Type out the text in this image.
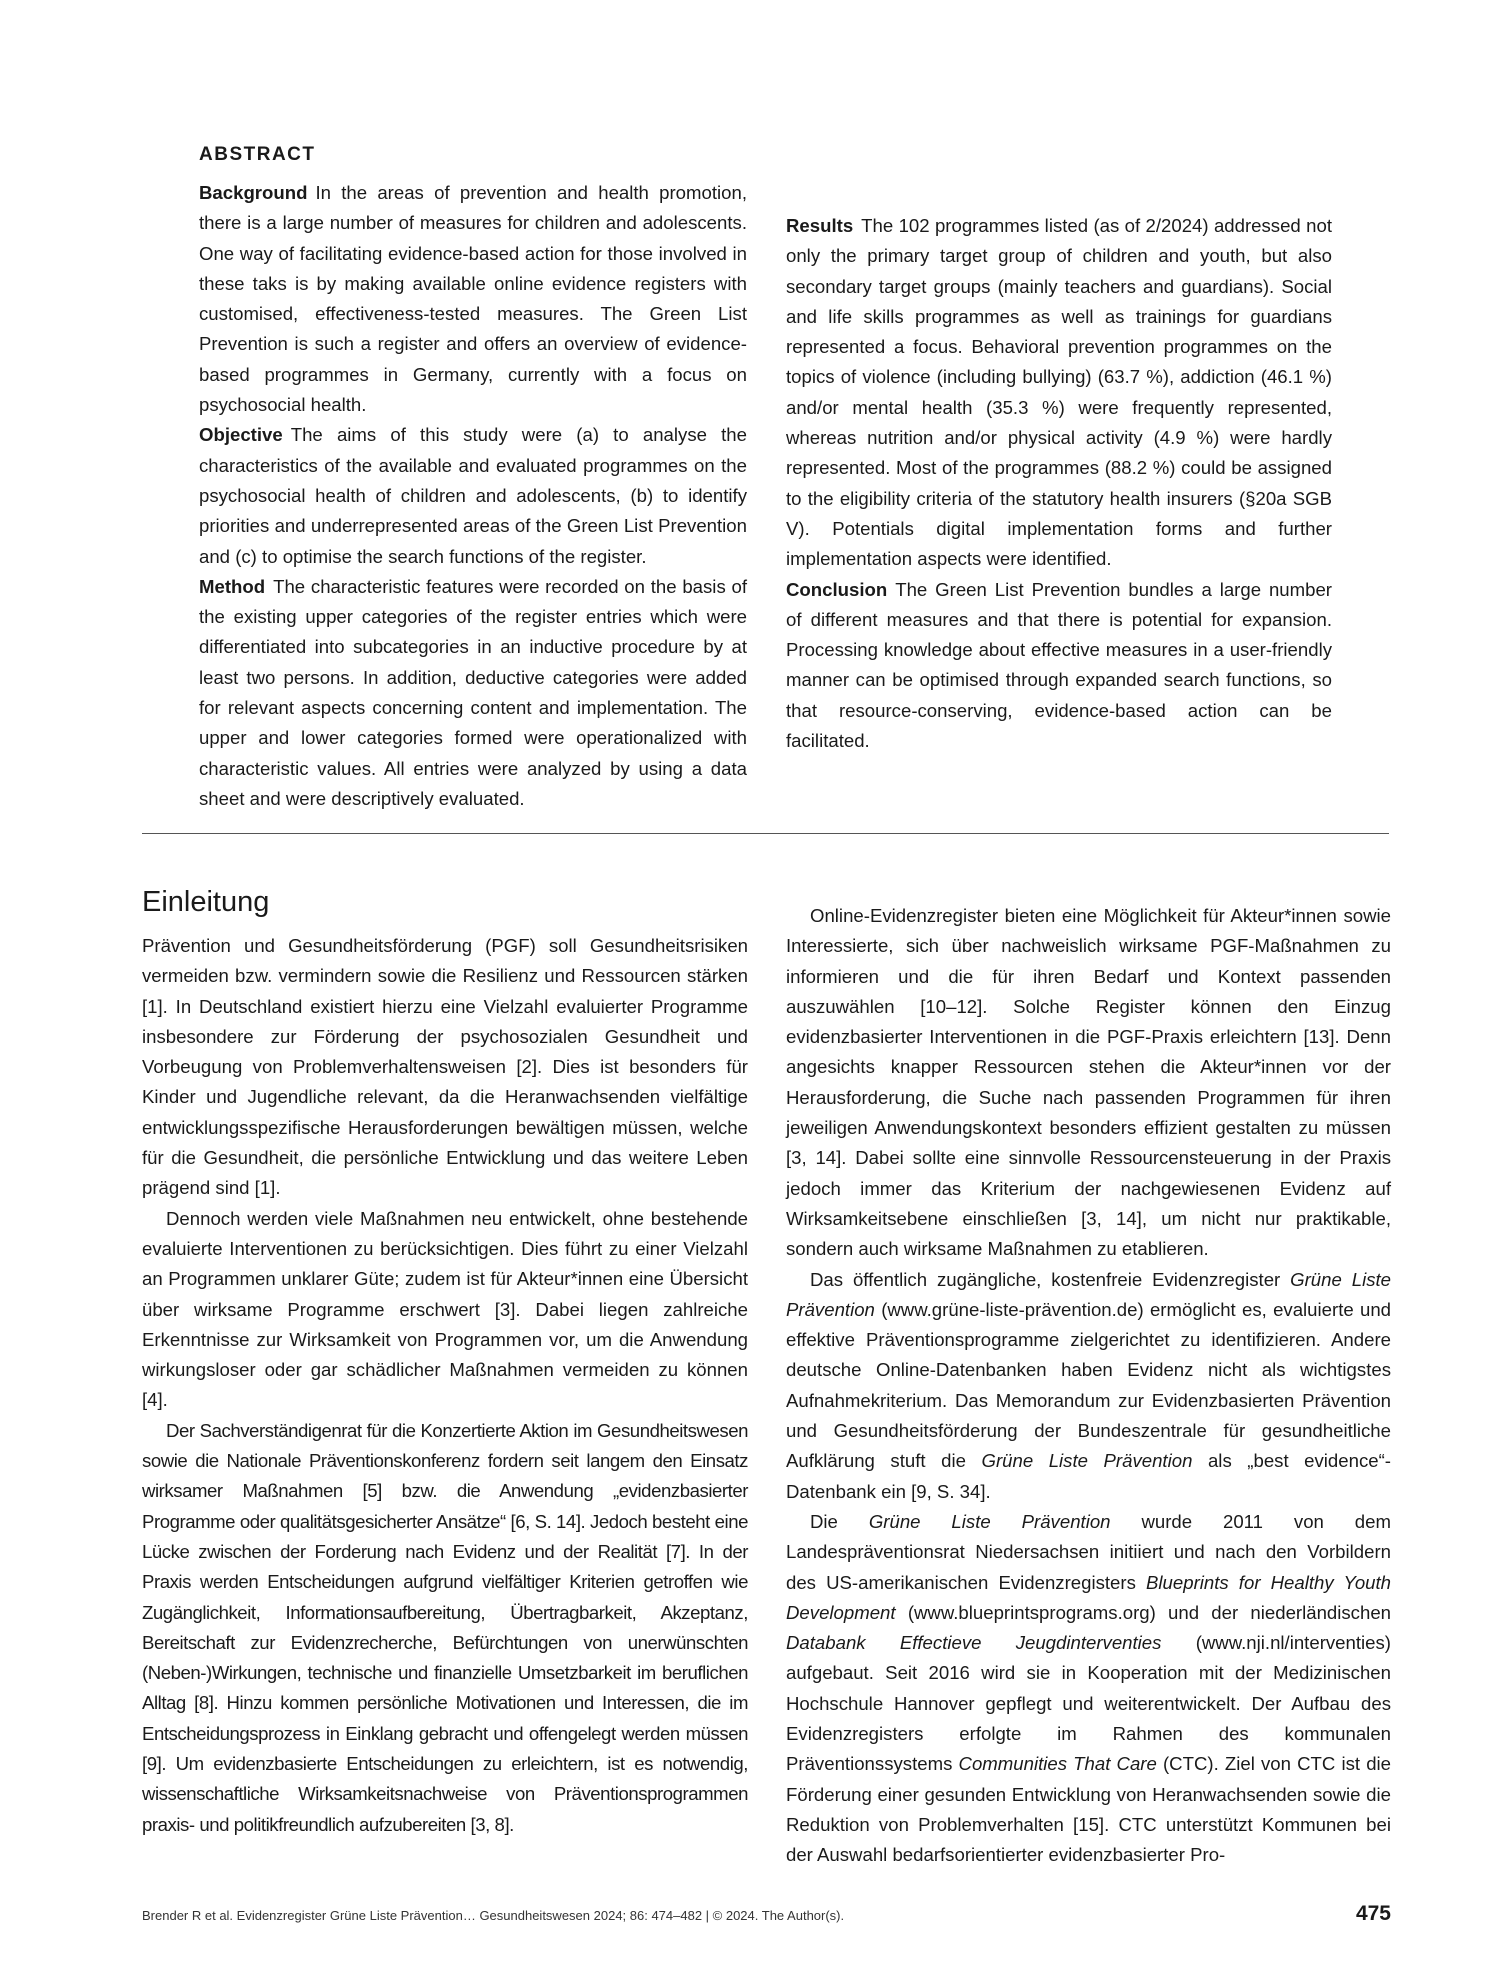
ABSTRACT

Background In the areas of prevention and health promotion, there is a large number of measures for children and adolescents. One way of facilitating evidence-based action for those involved in these taks is by making available online evidence registers with customised, effectiveness-tested measures. The Green List Prevention is such a register and offers an overview of evidence-based programmes in Germany, currently with a focus on psychosocial health.

Objective The aims of this study were (a) to analyse the characteristics of the available and evaluated programmes on the psychosocial health of children and adolescents, (b) to identify priorities and underrepresented areas of the Green List Prevention and (c) to optimise the search functions of the register.

Method The characteristic features were recorded on the basis of the existing upper categories of the register entries which were differentiated into subcategories in an inductive procedure by at least two persons. In addition, deductive categories were added for relevant aspects concerning content and implementation. The upper and lower categories formed were operationalized with characteristic values. All entries were analyzed by using a data sheet and were descriptively evaluated.

Results The 102 programmes listed (as of 2/2024) addressed not only the primary target group of children and youth, but also secondary target groups (mainly teachers and guardians). Social and life skills programmes as well as trainings for guardians represented a focus. Behavioral prevention programmes on the topics of violence (including bullying) (63.7 %), addiction (46.1 %) and/or mental health (35.3 %) were frequently represented, whereas nutrition and/or physical activity (4.9 %) were hardly represented. Most of the programmes (88.2 %) could be assigned to the eligibility criteria of the statutory health insurers (§20a SGB V). Potentials digital implementation forms and further implementation aspects were identified.

Conclusion The Green List Prevention bundles a large number of different measures and that there is potential for expansion. Processing knowledge about effective measures in a user-friendly manner can be optimised through expanded search functions, so that resource-conserving, evidence-based action can be facilitated.

Einleitung

Prävention und Gesundheitsförderung (PGF) soll Gesundheitsrisiken vermeiden bzw. vermindern sowie die Resilienz und Ressourcen stärken [1]. In Deutschland existiert hierzu eine Vielzahl evaluierter Programme insbesondere zur Förderung der psychosozialen Gesundheit und Vorbeugung von Problemverhaltensweisen [2]. Dies ist besonders für Kinder und Jugendliche relevant, da die Heranwachsenden vielfältige entwicklungsspezifische Herausforderungen bewältigen müssen, welche für die Gesundheit, die persönliche Entwicklung und das weitere Leben prägend sind [1].

Dennoch werden viele Maßnahmen neu entwickelt, ohne bestehende evaluierte Interventionen zu berücksichtigen. Dies führt zu einer Vielzahl an Programmen unklarer Güte; zudem ist für Akteur*innen eine Übersicht über wirksame Programme erschwert [3]. Dabei liegen zahlreiche Erkenntnisse zur Wirksamkeit von Programmen vor, um die Anwendung wirkungsloser oder gar schädlicher Maßnahmen vermeiden zu können [4].

Der Sachverständigenrat für die Konzertierte Aktion im Gesundheitswesen sowie die Nationale Präventionskonferenz fordern seit langem den Einsatz wirksamer Maßnahmen [5] bzw. die Anwendung „evidenzbasierter Programme oder qualitätsgesicherter Ansätze“ [6, S. 14]. Jedoch besteht eine Lücke zwischen der Forderung nach Evidenz und der Realität [7]. In der Praxis werden Entscheidungen aufgrund vielfältiger Kriterien getroffen wie Zugänglichkeit, Informationsaufbereitung, Übertragbarkeit, Akzeptanz, Bereitschaft zur Evidenzrecherche, Befürchtungen von unerwünschten (Neben-)Wirkungen, technische und finanzielle Umsetzbarkeit im beruflichen Alltag [8]. Hinzu kommen persönliche Motivationen und Interessen, die im Entscheidungsprozess in Einklang gebracht und offengelegt werden müssen [9]. Um evidenzbasierte Entscheidungen zu erleichtern, ist es notwendig, wissenschaftliche Wirksamkeitsnachweise von Präventionsprogrammen praxis- und politikfreundlich aufzubereiten [3, 8].

Online-Evidenzregister bieten eine Möglichkeit für Akteur*innen sowie Interessierte, sich über nachweislich wirksame PGF-Maßnahmen zu informieren und die für ihren Bedarf und Kontext passenden auszuwählen [10–12]. Solche Register können den Einzug evidenzbasierter Interventionen in die PGF-Praxis erleichtern [13]. Denn angesichts knapper Ressourcen stehen die Akteur*innen vor der Herausforderung, die Suche nach passenden Programmen für ihren jeweiligen Anwendungskontext besonders effizient gestalten zu müssen [3, 14]. Dabei sollte eine sinnvolle Ressourcensteuerung in der Praxis jedoch immer das Kriterium der nachgewiesenen Evidenz auf Wirksamkeitsebene einschließen [3, 14], um nicht nur praktikable, sondern auch wirksame Maßnahmen zu etablieren.

Das öffentlich zugängliche, kostenfreie Evidenzregister Grüne Liste Prävention (www.grüne-liste-prävention.de) ermöglicht es, evaluierte und effektive Präventionsprogramme zielgerichtet zu identifizieren. Andere deutsche Online-Datenbanken haben Evidenz nicht als wichtigstes Aufnahmekriterium. Das Memorandum zur Evidenzbasierten Prävention und Gesundheitsförderung der Bundeszentrale für gesundheitliche Aufklärung stuft die Grüne Liste Prävention als „best evidence“-Datenbank ein [9, S. 34].

Die Grüne Liste Prävention wurde 2011 von dem Landespräventionsrat Niedersachsen initiiert und nach den Vorbildern des US-amerikanischen Evidenzregisters Blueprints for Healthy Youth Development (www.blueprintsprograms.org) und der niederländischen Databank Effectieve Jeugdinterventies (www.nji.nl/interventies) aufgebaut. Seit 2016 wird sie in Kooperation mit der Medizinischen Hochschule Hannover gepflegt und weiterentwickelt. Der Aufbau des Evidenzregisters erfolgte im Rahmen des kommunalen Präventionssystems Communities That Care (CTC). Ziel von CTC ist die Förderung einer gesunden Entwicklung von Heranwachsenden sowie die Reduktion von Problemverhalten [15]. CTC unterstützt Kommunen bei der Auswahl bedarfsorientierter evidenzbasierter Pro-

Brender R et al. Evidenzregister Grüne Liste Prävention… Gesundheitswesen 2024; 86: 474–482 | © 2024. The Author(s).	475
